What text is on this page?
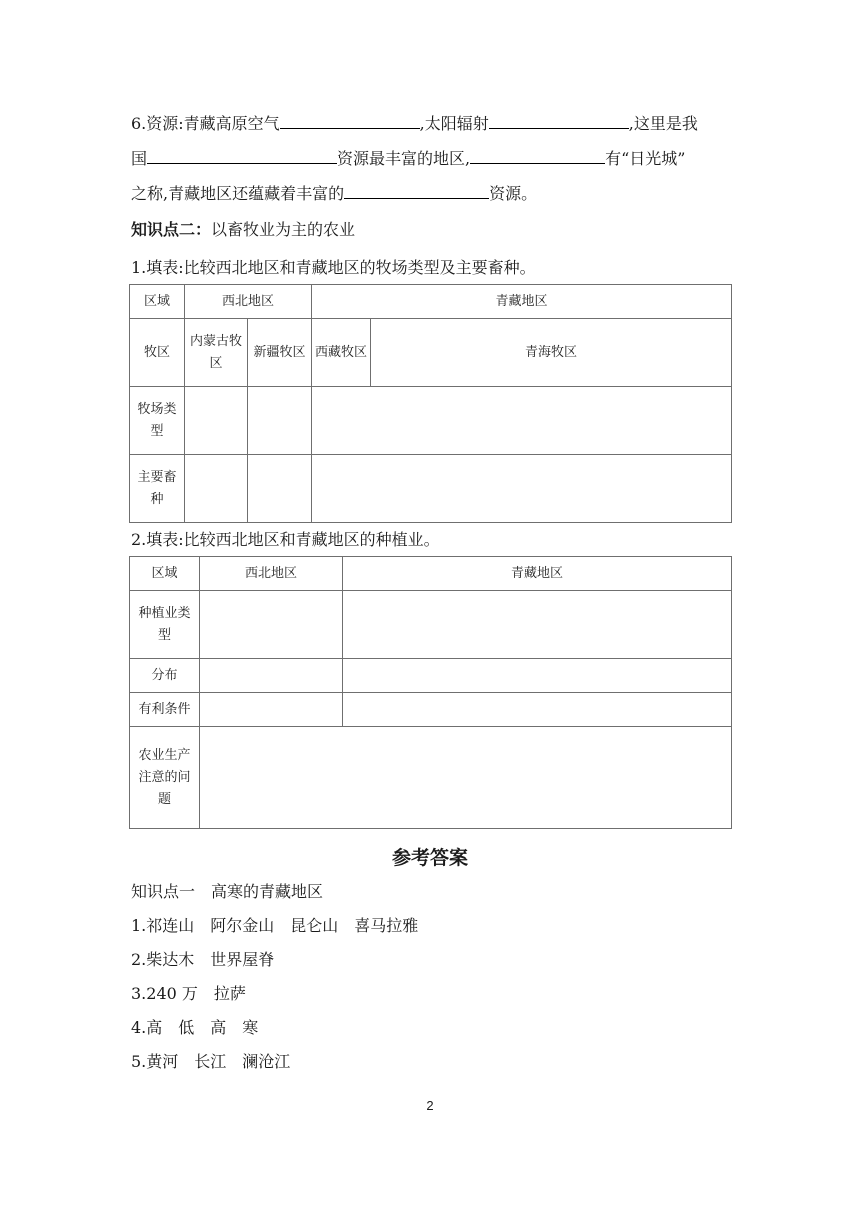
6.资源:青藏高原空气	,太阳辐射	,这里是我
国	资源最丰富的地区,	有“日光城”
之称,青藏地区还蕴藏着丰富的	资源。
知识点二：以畜牧业为主的农业
1.填表:比较西北地区和青藏地区的牧场类型及主要畜种。
区域	西北地区		青藏地区	
牧区	内蒙古牧区	新疆牧区	西藏牧区	青海牧区
牧场类型				
主要畜种				
2.填表:比较西北地区和青藏地区的种植业。
区域	西北地区	青藏地区
种植业类型		
分布		
有利条件		
农业生产注意的问题		
参考答案
知识点一　高寒的青藏地区
1.祁连山　阿尔金山　昆仑山　喜马拉雅
2.柴达木　世界屋脊
3.240 万　拉萨
4.高　低　高　寒
5.黄河　长江　澜沧江
2
